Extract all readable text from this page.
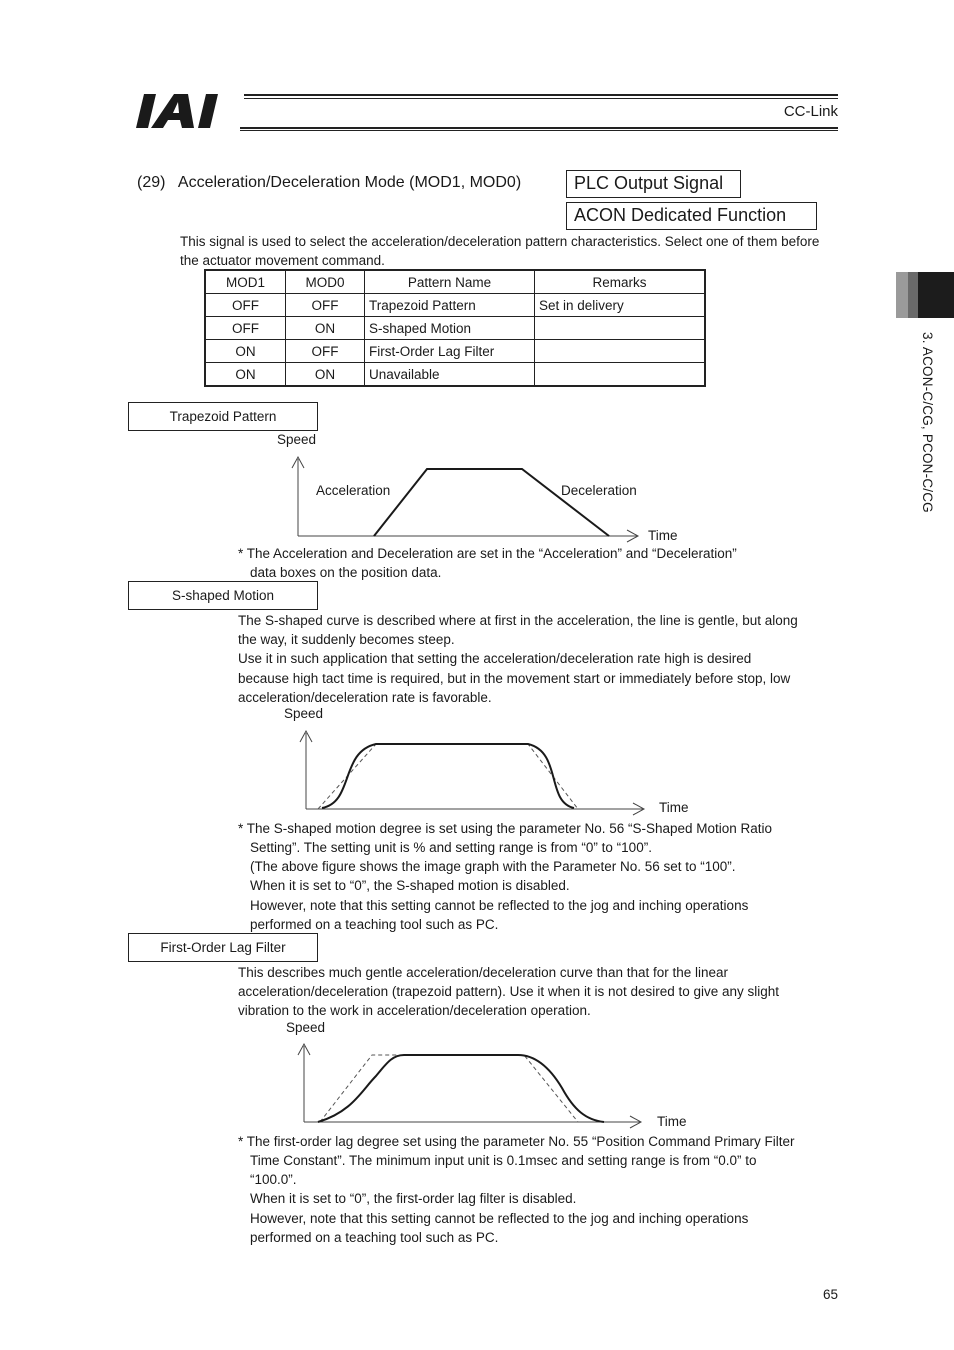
CC-Link
3. ACON-C/CG, PCON-C/CG
(29)   Acceleration/Deceleration Mode (MOD1, MOD0)	PLC Output Signal
ACON Dedicated Function
This signal is used to select the acceleration/deceleration pattern characteristics. Select one of them before the actuator movement command.
MOD1	MOD0	Pattern Name	Remarks
OFF	OFF	Trapezoid Pattern	Set in delivery
OFF	ON	S-shaped Motion	
ON	OFF	First-Order Lag Filter	
ON	ON	Unavailable	
Trapezoid Pattern
Speed
Acceleration	Deceleration
Time
* The Acceleration and Deceleration are set in the “Acceleration” and “Deceleration”
data boxes on the position data.
S-shaped Motion
The S-shaped curve is described where at first in the acceleration, the line is gentle, but along
the way, it suddenly becomes steep.
Use it in such application that setting the acceleration/deceleration rate high is desired
because high tact time is required, but in the movement start or immediately before stop, low
acceleration/deceleration rate is favorable.
Speed
Time
* The S-shaped motion degree is set using the parameter No. 56 “S-Shaped Motion Ratio
Setting”. The setting unit is % and setting range is from “0” to “100”.
(The above figure shows the image graph with the Parameter No. 56 set to “100”.
When it is set to “0”, the S-shaped motion is disabled.
However, note that this setting cannot be reflected to the jog and inching operations
performed on a teaching tool such as PC.
First-Order Lag Filter
This describes much gentle acceleration/deceleration curve than that for the linear
acceleration/deceleration (trapezoid pattern). Use it when it is not desired to give any slight
vibration to the work in acceleration/deceleration operation.
Speed
Time
* The first-order lag degree set using the parameter No. 55 “Position Command Primary Filter
Time Constant”. The minimum input unit is 0.1msec and setting range is from “0.0” to
“100.0”.
When it is set to “0”, the first-order lag filter is disabled.
However, note that this setting cannot be reflected to the jog and inching operations
performed on a teaching tool such as PC.
65
